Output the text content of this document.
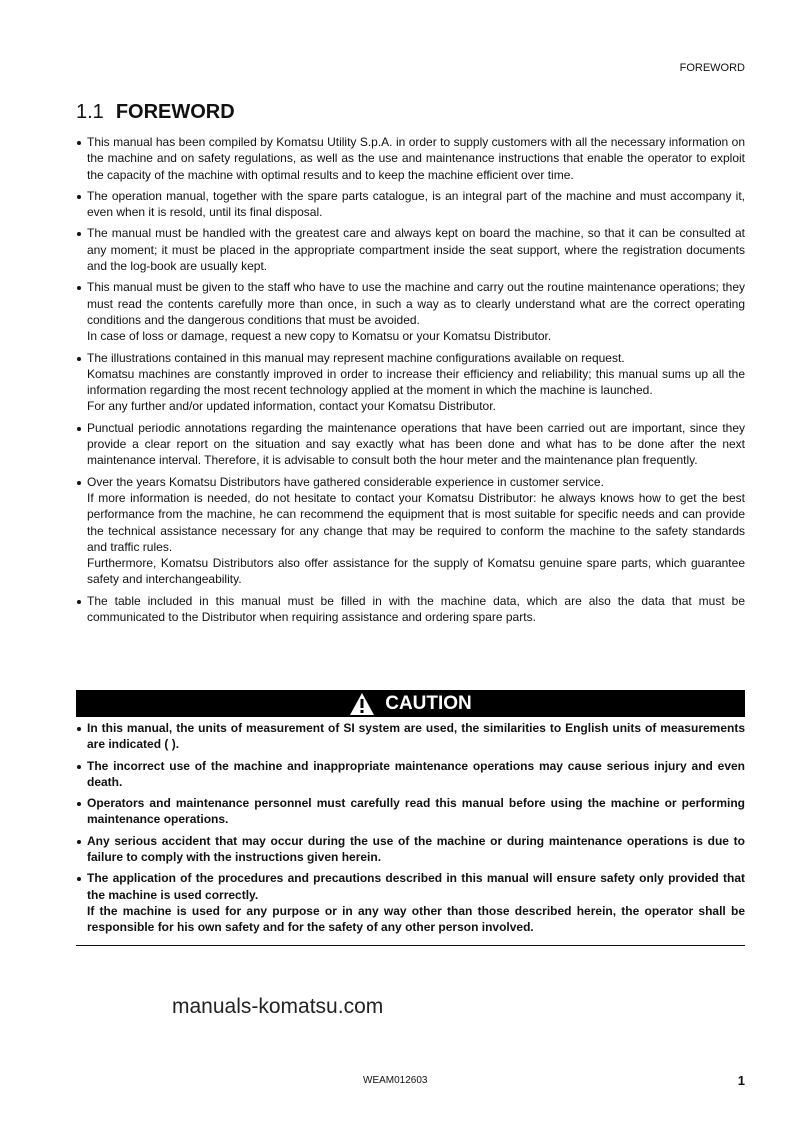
FOREWORD
1.1 FOREWORD

This manual has been compiled by Komatsu Utility S.p.A. in order to supply customers with all the necessary information on the machine and on safety regulations, as well as the use and maintenance instructions that enable the operator to exploit the capacity of the machine with optimal results and to keep the machine efficient over time.

The operation manual, together with the spare parts catalogue, is an integral part of the machine and must accompany it, even when it is resold, until its final disposal.

The manual must be handled with the greatest care and always kept on board the machine, so that it can be consulted at any moment; it must be placed in the appropriate compartment inside the seat support, where the registration documents and the log-book are usually kept.

This manual must be given to the staff who have to use the machine and carry out the routine maintenance operations; they must read the contents carefully more than once, in such a way as to clearly understand what are the correct operating conditions and the dangerous conditions that must be avoided.

In case of loss or damage, request a new copy to Komatsu or your Komatsu Distributor.

The illustrations contained in this manual may represent machine configurations available on request.

Komatsu machines are constantly improved in order to increase their efficiency and reliability; this manual sums up all the information regarding the most recent technology applied at the moment in which the machine is launched.

For any further and/or updated information, contact your Komatsu Distributor.

Punctual periodic annotations regarding the maintenance operations that have been carried out are important, since they provide a clear report on the situation and say exactly what has been done and what has to be done after the next maintenance interval. Therefore, it is advisable to consult both the hour meter and the maintenance plan frequently.

Over the years Komatsu Distributors have gathered considerable experience in customer service.

If more information is needed, do not hesitate to contact your Komatsu Distributor: he always knows how to get the best performance from the machine, he can recommend the equipment that is most suitable for specific needs and can provide the technical assistance necessary for any change that may be required to conform the machine to the safety standards and traffic rules.

Furthermore, Komatsu Distributors also offer assistance for the supply of Komatsu genuine spare parts, which guarantee safety and interchangeability.

The table included in this manual must be filled in with the machine data, which are also the data that must be communicated to the Distributor when requiring assistance and ordering spare parts.

CAUTION

In this manual, the units of measurement of SI system are used, the similarities to English units of measurements are indicated ( ).

The incorrect use of the machine and inappropriate maintenance operations may cause serious injury and even death.

Operators and maintenance personnel must carefully read this manual before using the machine or performing maintenance operations.

Any serious accident that may occur during the use of the machine or during maintenance operations is due to failure to comply with the instructions given herein.

The application of the procedures and precautions described in this manual will ensure safety only provided that the machine is used correctly.

If the machine is used for any purpose or in any way other than those described herein, the operator shall be responsible for his own safety and for the safety of any other person involved.

manuals-komatsu.com
WEAM012603	1
